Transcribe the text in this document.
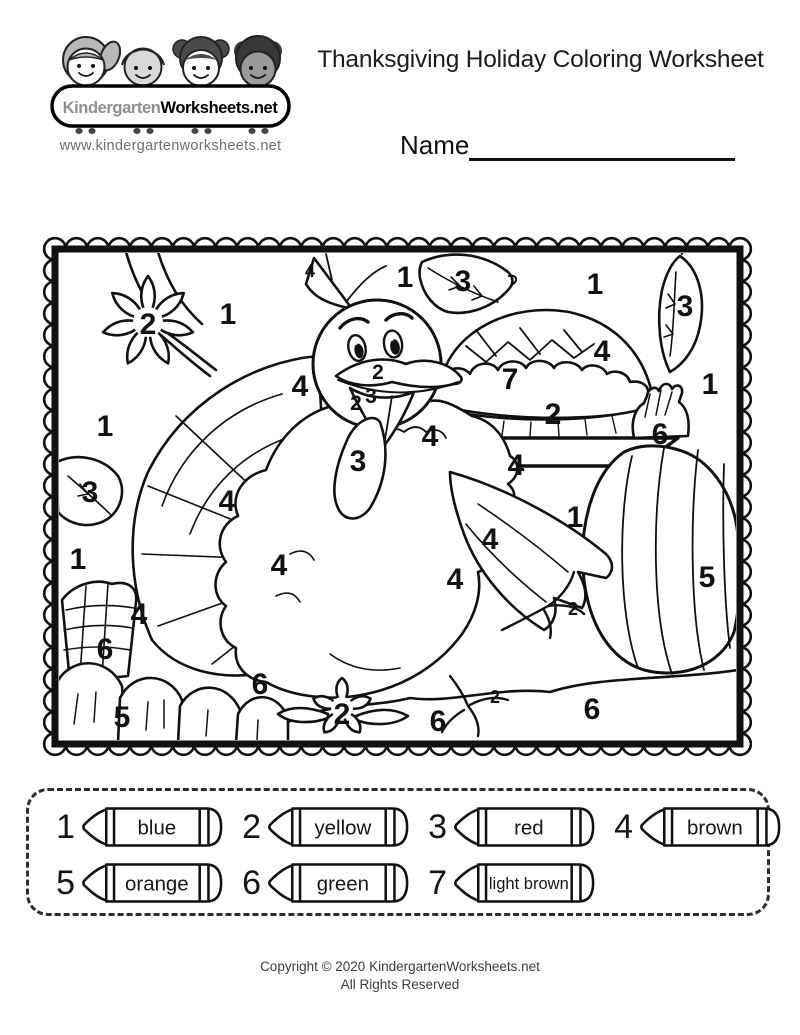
KindergartenWorksheets.net
www.kindergartenworksheets.net
Thanksgiving Holiday Coloring Worksheet
Name
4	1 3	1
3
1
2
4
2	7	1
4	3
2	2
1	4	6
3	4
3	4	1
4
1	4	5
4
2
4
6
6	2	6
5	2	6
1	blue	2	yellow	3	red	4	brown
5 orange	6	green	7 light brown
Copyright © 2020 KindergartenWorksheets.net
All Rights Reserved
